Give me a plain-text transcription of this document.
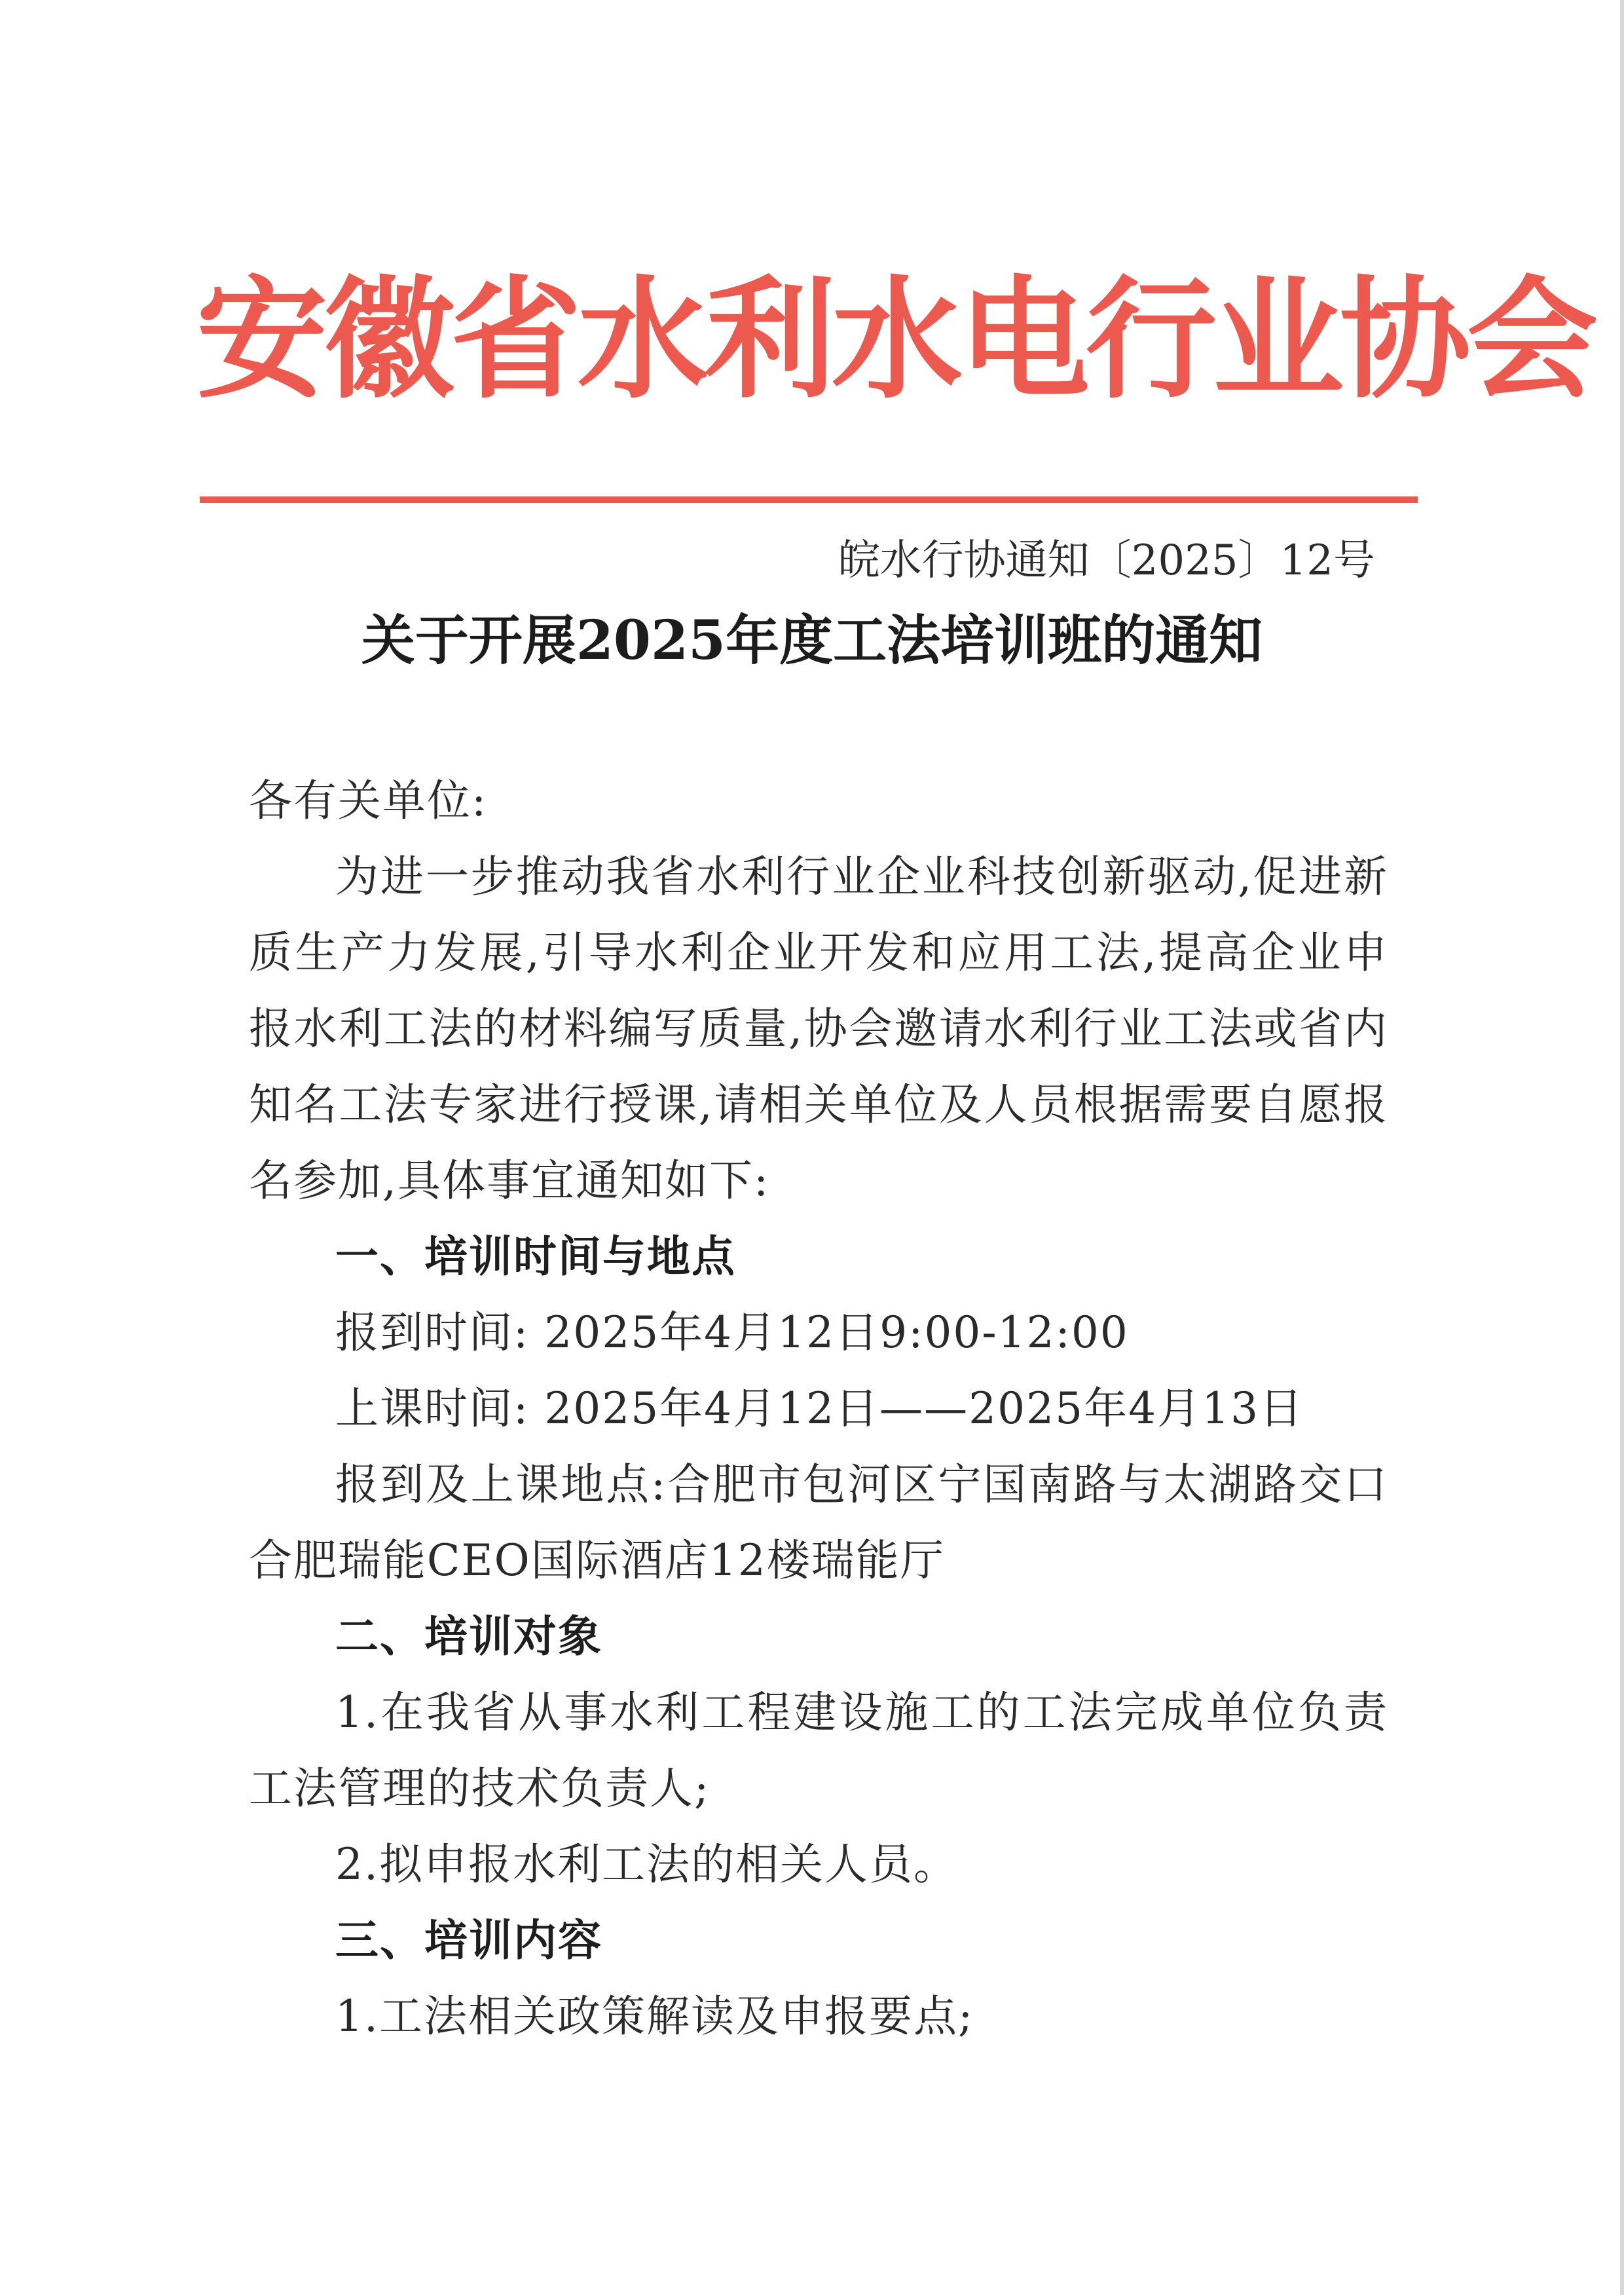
安徽省水利水电行业协会
皖水行协通知〔2025〕12号
关于开展2025年度工法培训班的通知

各有关单位:

为进一步推动我省水利行业企业科技创新驱动,促进新质生产力发展,引导水利企业开发和应用工法,提高企业申报水利工法的材料编写质量,协会邀请水利行业工法或省内知名工法专家进行授课,请相关单位及人员根据需要自愿报名参加,具体事宜通知如下:

一、培训时间与地点

报到时间: 2025年4月12日9:00-12:00

上课时间: 2025年4月12日——2025年4月13日

报到及上课地点:合肥市包河区宁国南路与太湖路交口合肥瑞能CEO国际酒店12楼瑞能厅

二、培训对象

1.在我省从事水利工程建设施工的工法完成单位负责工法管理的技术负责人;

2.拟申报水利工法的相关人员。

三、培训内容

1.工法相关政策解读及申报要点;
